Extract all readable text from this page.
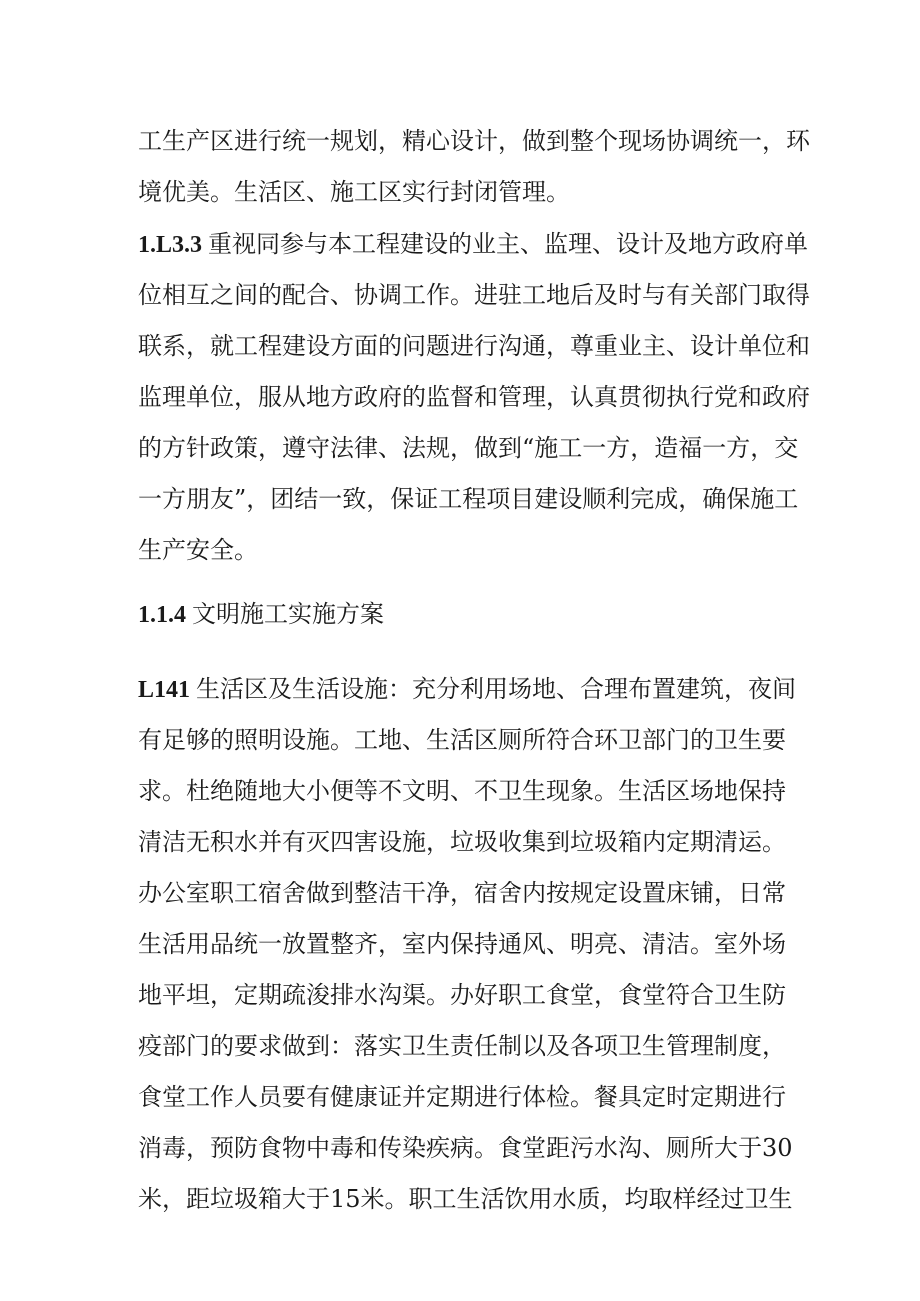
工生产区进行统一规划，精心设计，做到整个现场协调统一，环
境优美。生活区、施工区实行封闭管理。
1.L3.3 重视同参与本工程建设的业主、监理、设计及地方政府单
位相互之间的配合、协调工作。进驻工地后及时与有关部门取得
联系，就工程建设方面的问题进行沟通，尊重业主、设计单位和
监理单位，服从地方政府的监督和管理，认真贯彻执行党和政府
的方针政策，遵守法律、法规，做到“施工一方，造福一方，交
一方朋友”，团结一致，保证工程项目建设顺利完成，确保施工
生产安全。
1.1.4 文明施工实施方案
L141 生活区及生活设施：充分利用场地、合理布置建筑，夜间
有足够的照明设施。工地、生活区厕所符合环卫部门的卫生要
求。杜绝随地大小便等不文明、不卫生现象。生活区场地保持
清洁无积水并有灭四害设施，垃圾收集到垃圾箱内定期清运。
办公室职工宿舍做到整洁干净，宿舍内按规定设置床铺，日常
生活用品统一放置整齐，室内保持通风、明亮、清洁。室外场
地平坦，定期疏浚排水沟渠。办好职工食堂，食堂符合卫生防
疫部门的要求做到：落实卫生责任制以及各项卫生管理制度，
食堂工作人员要有健康证并定期进行体检。餐具定时定期进行
消毒，预防食物中毒和传染疾病。食堂距污水沟、厕所大于30
米，距垃圾箱大于15米。职工生活饮用水质，均取样经过卫生
